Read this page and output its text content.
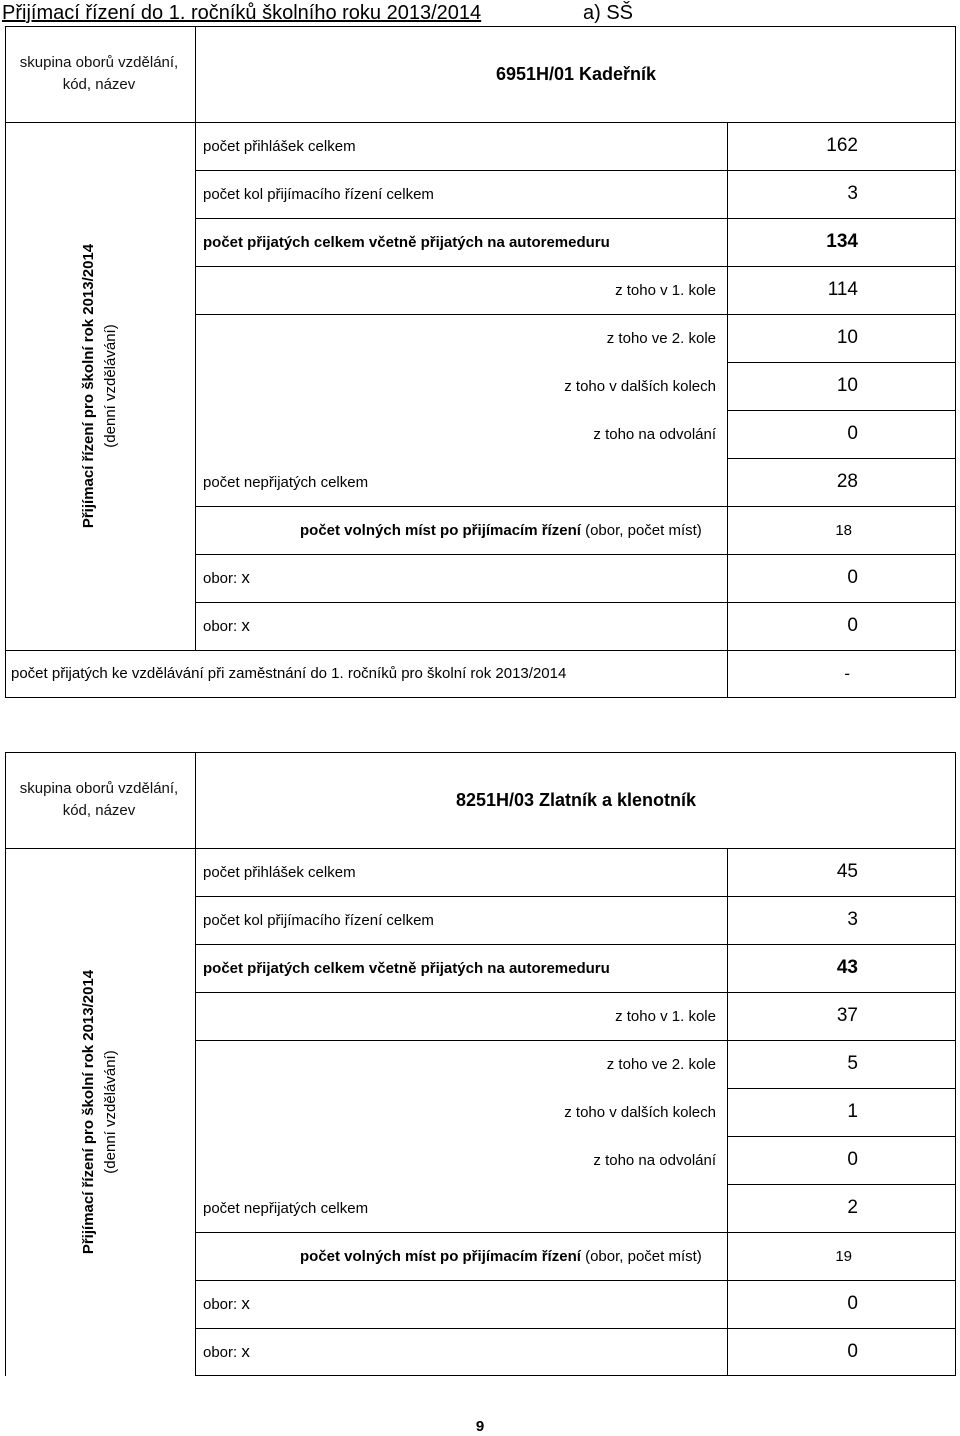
Přijímací řízení do 1. ročníků školního roku 2013/2014	a) SŠ
skupina oborů vzdělání,
kód, název
6951H/01 Kadeřník
Přijímací řízení pro školní rok 2013/2014 (denní vzdělávání)
počet přihlášek celkem	162
počet kol přijímacího řízení celkem	3
počet přijatých celkem včetně přijatých na autoremeduru	134
z toho v 1. kole	114
z toho ve 2. kole	10
z toho v dalších kolech	10
z toho na odvolání	0
počet nepřijatých celkem	28
počet volných míst po přijímacím řízení (obor, počet míst)	18
obor: x	0
obor: x	0
počet přijatých ke vzdělávání při zaměstnání do 1. ročníků pro školní rok 2013/2014	-
skupina oborů vzdělání,
kód, název
8251H/03 Zlatník a klenotník
Přijímací řízení pro školní rok 2013/2014 (denní vzdělávání)
počet přihlášek celkem	45
počet kol přijímacího řízení celkem	3
počet přijatých celkem včetně přijatých na autoremeduru	43
z toho v 1. kole	37
z toho ve 2. kole	5
z toho v dalších kolech	1
z toho na odvolání	0
počet nepřijatých celkem	2
počet volných míst po přijímacím řízení (obor, počet míst)	19
obor: x	0
obor: x	0
9
